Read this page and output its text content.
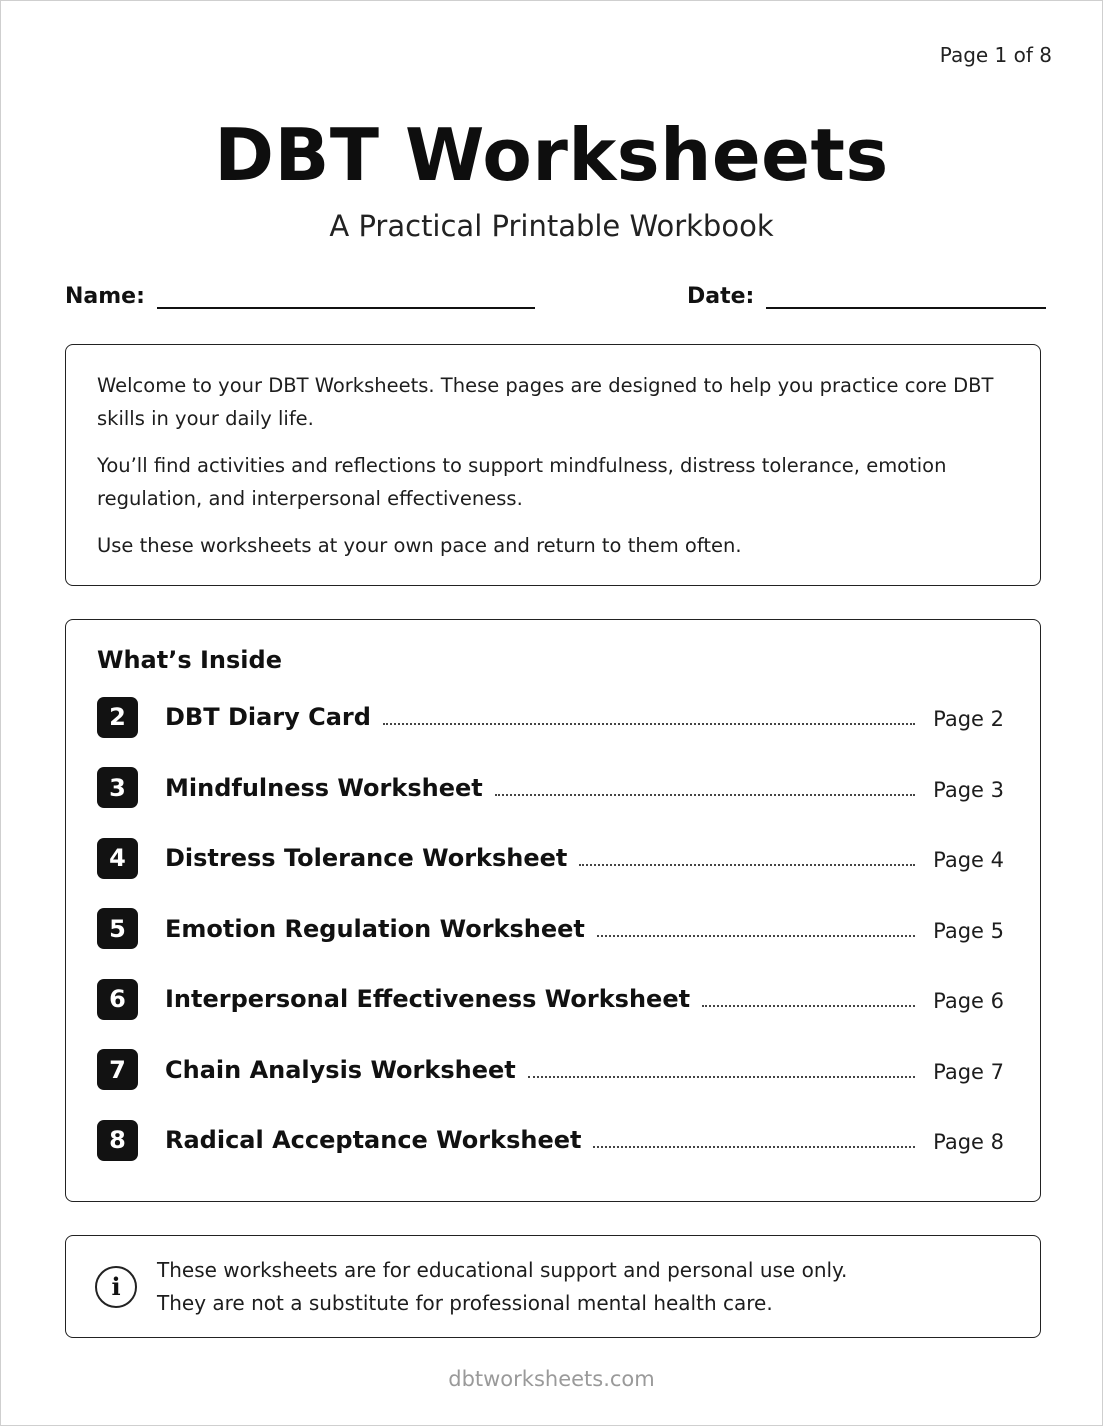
Page 1 of 8
DBT Worksheets
A Practical Printable Workbook
Name:	Date:

Welcome to your DBT Worksheets. These pages are designed to help you practice core DBT skills in your daily life.

You’ll find activities and reflections to support mindfulness, distress tolerance, emotion regulation, and interpersonal effectiveness.

Use these worksheets at your own pace and return to them often.

What’s Inside
2	DBT Diary Card	Page 2
3	Mindfulness Worksheet	Page 3
4	Distress Tolerance Worksheet	Page 4
5	Emotion Regulation Worksheet	Page 5
6	Interpersonal Effectiveness Worksheet	Page 6
7	Chain Analysis Worksheet	Page 7
8	Radical Acceptance Worksheet	Page 8
i
These worksheets are for educational support and personal use only.
They are not a substitute for professional mental health care.
dbtworksheets.com
